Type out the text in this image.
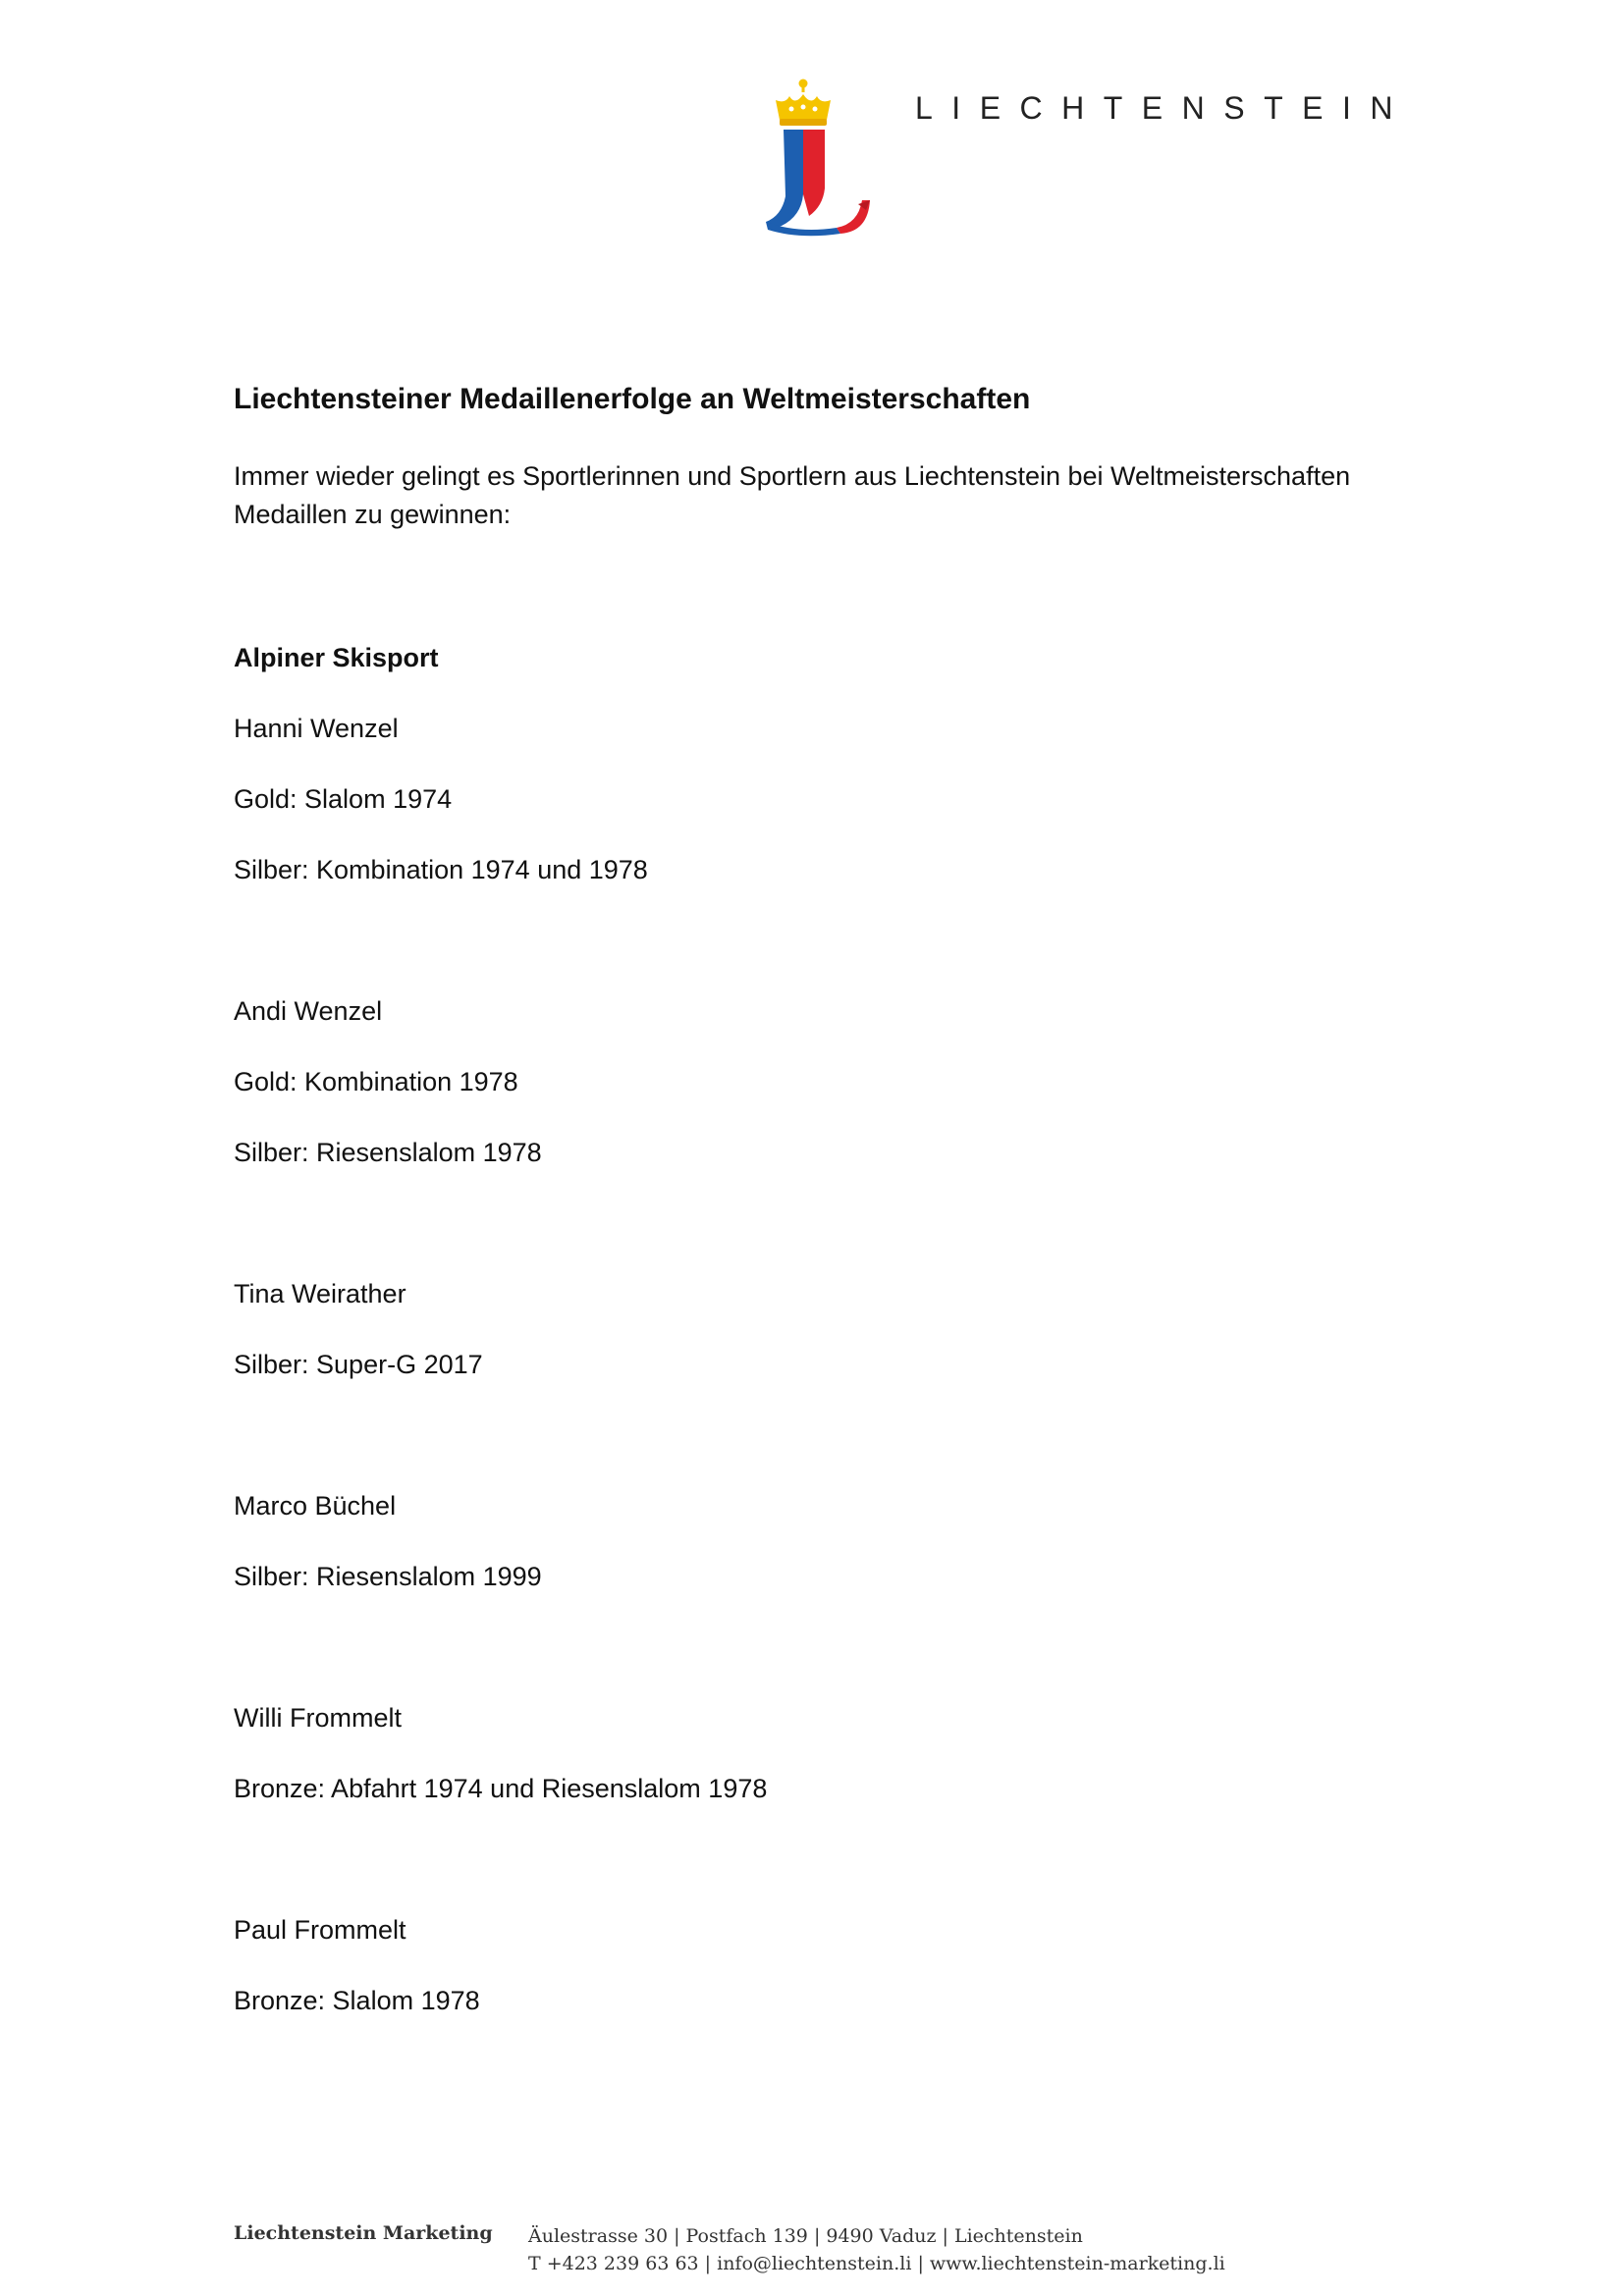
LIECHTENSTEIN
Liechtensteiner Medaillenerfolge an Weltmeisterschaften

Immer wieder gelingt es Sportlerinnen und Sportlern aus Liechtenstein bei Weltmeisterschaften Medaillen zu gewinnen:

Alpiner Skisport
Hanni Wenzel
Gold: Slalom 1974
Silber: Kombination 1974 und 1978
Andi Wenzel
Gold: Kombination 1978
Silber: Riesenslalom 1978
Tina Weirather
Silber: Super-G 2017
Marco Büchel
Silber: Riesenslalom 1999
Willi Frommelt
Bronze: Abfahrt 1974 und Riesenslalom 1978
Paul Frommelt
Bronze: Slalom 1978
Liechtenstein Marketing Äulestrasse 30 | Postfach 139 | 9490 Vaduz | Liechtenstein
T +423 239 63 63 | info@liechtenstein.li | www.liechtenstein-marketing.li
